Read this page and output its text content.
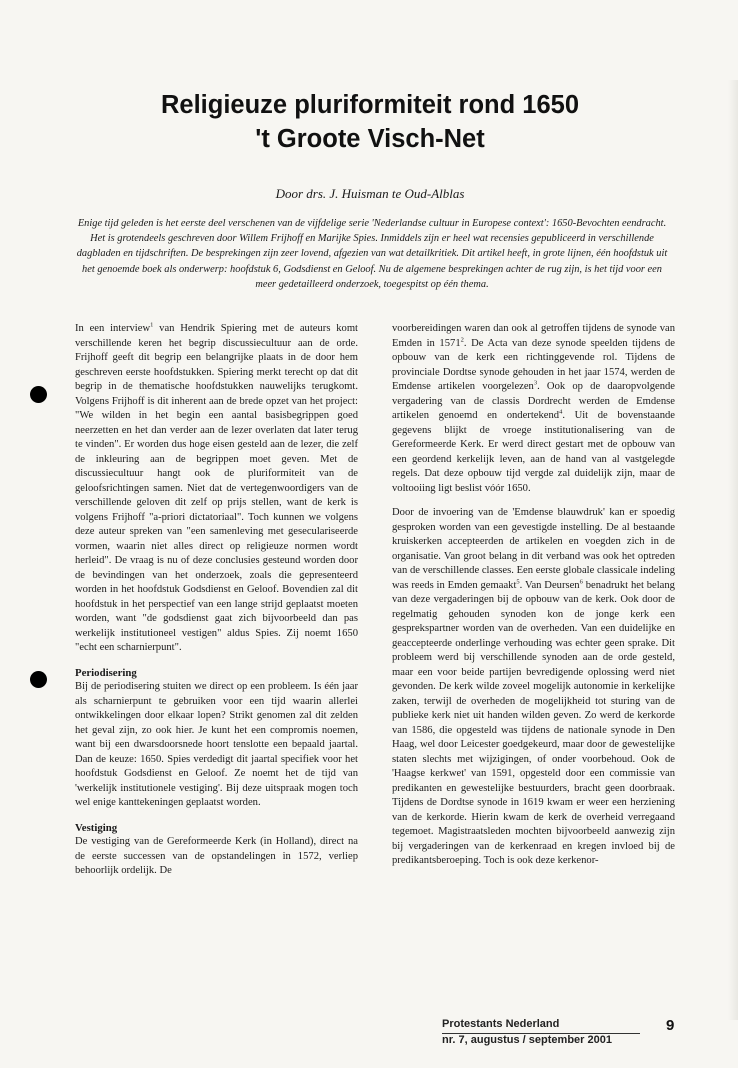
Religieuze pluriformiteit rond 1650
't Groote Visch-Net
Door drs. J. Huisman te Oud-Alblas
Enige tijd geleden is het eerste deel verschenen van de vijfdelige serie 'Nederlandse cultuur in Europese context': 1650-Bevochten eendracht. Het is grotendeels geschreven door Willem Frijhoff en Marijke Spies. Inmiddels zijn er heel wat recensies gepubliceerd in verschillende dagbladen en tijdschriften. De besprekingen zijn zeer lovend, afgezien van wat detailkritiek. Dit artikel heeft, in grote lijnen, één hoofdstuk uit het genoemde boek als onderwerp: hoofdstuk 6, Godsdienst en Geloof. Nu de algemene besprekingen achter de rug zijn, is het tijd voor een meer gedetailleerd onderzoek, toegespitst op één thema.

In een interview$^1$ van Hendrik Spiering met de auteurs komt verschillende keren het begrip discussiecultuur aan de orde. Frijhoff geeft dit begrip een belangrijke plaats in de door hem geschreven eerste hoofdstukken. Spiering merkt terecht op dat dit begrip in de thematische hoofdstukken nauwelijks terugkomt. Volgens Frijhoff is dit inherent aan de brede opzet van het project: "We wilden in het begin een aantal basisbegrippen goed neerzetten en het dan verder aan de lezer overlaten dat later terug te vinden". Er worden dus hoge eisen gesteld aan de lezer, die zelf de inkleuring aan de begrippen moet geven. Met de discussiecultuur hangt ook de pluriformiteit van de geloofsrichtingen samen. Niet dat de vertegenwoordigers van de verschillende geloven dit zelf op prijs stellen, want de kerk is volgens Frijhoff "a-priori dictatoriaal". Toch kunnen we volgens deze auteur spreken van "een samenleving met geseculariseerde vormen, waarin niet alles direct op religieuze normen wordt herleid". De vraag is nu of deze conclusies gesteund worden door de bevindingen van het onderzoek, zoals die gepresenteerd worden in het hoofdstuk Godsdienst en Geloof. Bovendien zal dit hoofdstuk in het perspectief van een lange strijd geplaatst moeten worden, want "de godsdienst gaat zich bijvoorbeeld dan pas werkelijk institutioneel vestigen" aldus Spies. Zij noemt 1650 "echt een scharnierpunt".

Periodisering

Bij de periodisering stuiten we direct op een probleem. Is één jaar als scharnierpunt te gebruiken voor een tijd waarin allerlei ontwikkelingen door elkaar lopen? Strikt genomen zal dit zelden het geval zijn, zo ook hier. Je kunt het een compromis noemen, want bij een dwarsdoorsnede hoort tenslotte een bepaald jaartal. Dan de keuze: 1650. Spies verdedigt dit jaartal specifiek voor het hoofdstuk Godsdienst en Geloof. Ze noemt het de tijd van 'werkelijk institutionele vestiging'. Bij deze uitspraak mogen toch wel enige kanttekeningen geplaatst worden.

Vestiging

De vestiging van de Gereformeerde Kerk (in Holland), direct na de eerste successen van de opstandelingen in 1572, verliep behoorlijk ordelijk. De

voorbereidingen waren dan ook al getroffen tijdens de synode van Emden in 1571$^2$. De Acta van deze synode speelden tijdens de opbouw van de kerk een richtinggevende rol. Tijdens de provinciale Dordtse synode gehouden in het jaar 1574, werden de Emdense artikelen voorgelezen$^3$. Ook op de daaropvolgende vergadering van de classis Dordrecht werden de Emdense artikelen genoemd en ondertekend$^4$. Uit de bovenstaande gegevens blijkt de vroege institutionalisering van de Gereformeerde Kerk. Er werd direct gestart met de opbouw van een geordend kerkelijk leven, aan de hand van al vastgelegde regels. Dat deze opbouw tijd vergde zal duidelijk zijn, maar de voltooiing ligt beslist vóór 1650.

Door de invoering van de 'Emdense blauwdruk' kan er spoedig gesproken worden van een gevestigde instelling. De al bestaande kruiskerken accepteerden de artikelen en voegden zich in de organisatie. Van groot belang in dit verband was ook het optreden van de verschillende classes. Een eerste globale classicale indeling was reeds in Emden gemaakt$^5$. Van Deursen$^6$ benadrukt het belang van deze vergaderingen bij de opbouw van de kerk. Ook door de regelmatig gehouden synoden kon de jonge kerk een gesprekspartner worden van de overheden. Van een duidelijke en geaccepteerde onderlinge verhouding was echter geen sprake. Dit probleem werd bij verschillende synoden aan de orde gesteld, maar een voor beide partijen bevredigende oplossing werd niet gevonden. De kerk wilde zoveel mogelijk autonomie in kerkelijke zaken, terwijl de overheden de mogelijkheid tot sturing van de publieke kerk niet uit handen wilden geven. Zo werd de kerkorde van 1586, die opgesteld was tijdens de nationale synode in Den Haag, wel door Leicester goedgekeurd, maar door de gewestelijke staten slechts met wijzigingen, of onder voorbehoud. Ook de 'Haagse kerkwet' van 1591, opgesteld door een commissie van predikanten en gewestelijke bestuurders, bracht geen doorbraak. Tijdens de Dordtse synode in 1619 kwam er weer een herziening van de kerkorde. Hierin kwam de kerk de overheid verregaand tegemoet. Magistraatsleden mochten bijvoorbeeld aanwezig zijn bij vergaderingen van de kerkenraad en kregen invloed bij de predikantsberoeping. Toch is ook deze kerkenor-

Protestants Nederland
nr. 7, augustus / september 2001
9
